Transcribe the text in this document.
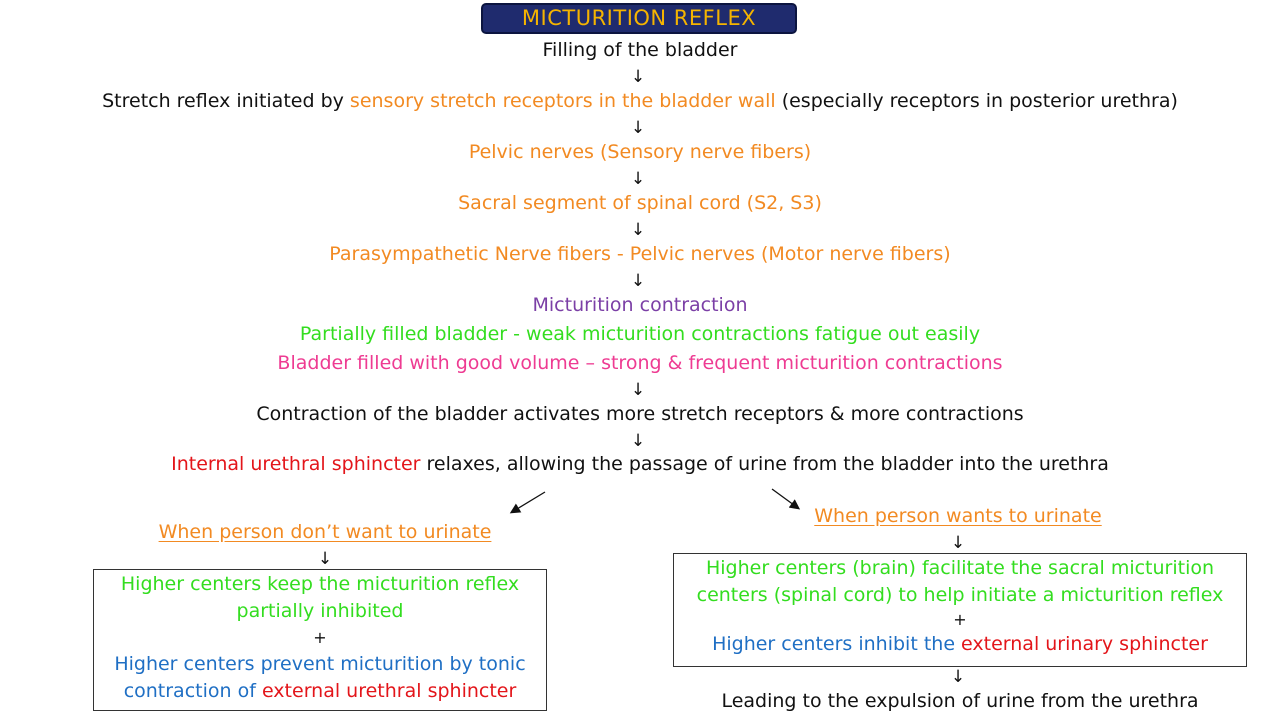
MICTURITION REFLEX
Filling of the bladder
↓
Stretch reflex initiated by sensory stretch receptors in the bladder wall (especially receptors in posterior urethra)
↓
Pelvic nerves (Sensory nerve fibers)
↓
Sacral segment of spinal cord (S2, S3)
↓
Parasympathetic Nerve fibers - Pelvic nerves (Motor nerve fibers)
↓
Micturition contraction
Partially filled bladder - weak micturition contractions fatigue out easily
Bladder filled with good volume – strong & frequent micturition contractions
↓
Contraction of the bladder activates more stretch receptors & more contractions
↓
Internal urethral sphincter relaxes, allowing the passage of urine from the bladder into the urethra
When person don’t want to urinate
↓
Higher centers keep the micturition reflex
partially inhibited
+
Higher centers prevent micturition by tonic
contraction of external urethral sphincter
When person wants to urinate
↓
Higher centers (brain) facilitate the sacral micturition
centers (spinal cord) to help initiate a micturition reflex
+
Higher centers inhibit the external urinary sphincter
↓
Leading to the expulsion of urine from the urethra
